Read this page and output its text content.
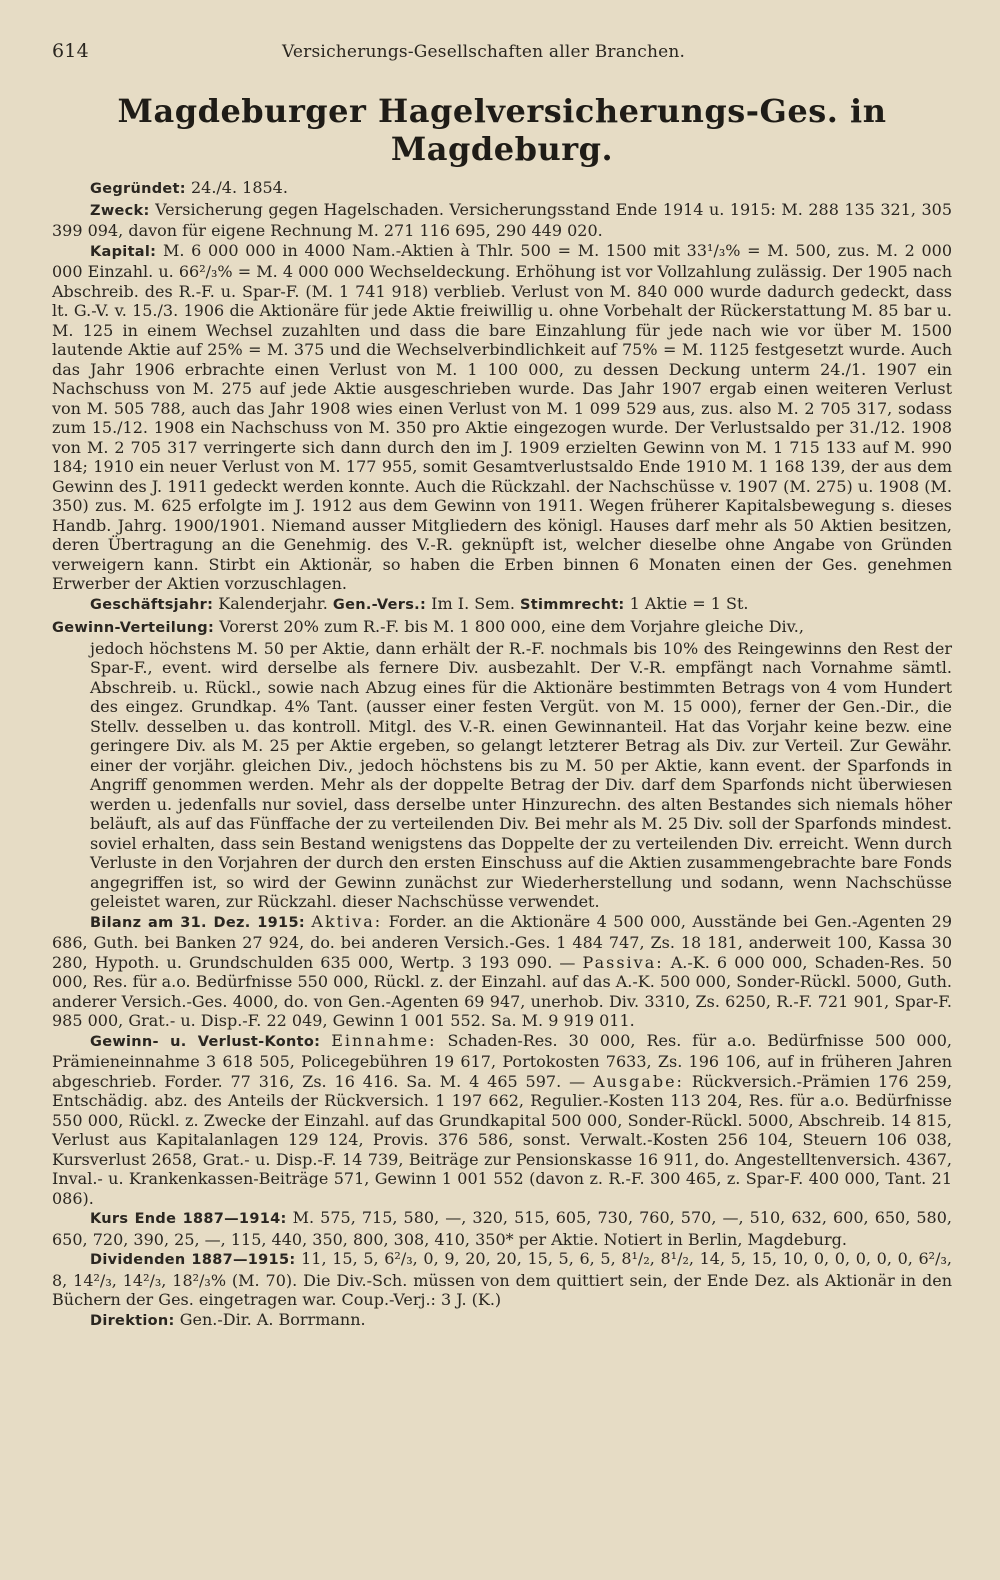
614	Versicherungs-Gesellschaften aller Branchen.
Magdeburger Hagelversicherungs-Ges. in Magdeburg.

Gegründet: 24./4. 1854.

Zweck: Versicherung gegen Hagelschaden. Versicherungsstand Ende 1914 u. 1915: M. 288 135 321, 305 399 094, davon für eigene Rechnung M. 271 116 695, 290 449 020.

Kapital: M. 6 000 000 in 4000 Nam.-Aktien à Thlr. 500 = M. 1500 mit 33¹/₃% = M. 500, zus. M. 2 000 000 Einzahl. u. 66²/₃% = M. 4 000 000 Wechseldeckung. Erhöhung ist vor Vollzahlung zulässig. Der 1905 nach Abschreib. des R.-F. u. Spar-F. (M. 1 741 918) verblieb. Verlust von M. 840 000 wurde dadurch gedeckt, dass lt. G.-V. v. 15./3. 1906 die Aktionäre für jede Aktie freiwillig u. ohne Vorbehalt der Rückerstattung M. 85 bar u. M. 125 in einem Wechsel zuzahlten und dass die bare Einzahlung für jede nach wie vor über M. 1500 lautende Aktie auf 25% = M. 375 und die Wechselverbindlichkeit auf 75% = M. 1125 festgesetzt wurde. Auch das Jahr 1906 erbrachte einen Verlust von M. 1 100 000, zu dessen Deckung unterm 24./1. 1907 ein Nachschuss von M. 275 auf jede Aktie ausgeschrieben wurde. Das Jahr 1907 ergab einen weiteren Verlust von M. 505 788, auch das Jahr 1908 wies einen Verlust von M. 1 099 529 aus, zus. also M. 2 705 317, sodass zum 15./12. 1908 ein Nachschuss von M. 350 pro Aktie eingezogen wurde. Der Verlustsaldo per 31./12. 1908 von M. 2 705 317 verringerte sich dann durch den im J. 1909 erzielten Gewinn von M. 1 715 133 auf M. 990 184; 1910 ein neuer Verlust von M. 177 955, somit Gesamtverlustsaldo Ende 1910 M. 1 168 139, der aus dem Gewinn des J. 1911 gedeckt werden konnte. Auch die Rückzahl. der Nachschüsse v. 1907 (M. 275) u. 1908 (M. 350) zus. M. 625 erfolgte im J. 1912 aus dem Gewinn von 1911. Wegen früherer Kapitalsbewegung s. dieses Handb. Jahrg. 1900/1901. Niemand ausser Mitgliedern des königl. Hauses darf mehr als 50 Aktien besitzen, deren Übertragung an die Genehmig. des V.-R. geknüpft ist, welcher dieselbe ohne Angabe von Gründen verweigern kann. Stirbt ein Aktionär, so haben die Erben binnen 6 Monaten einen der Ges. genehmen Erwerber der Aktien vorzuschlagen.

Geschäftsjahr: Kalenderjahr. Gen.-Vers.: Im I. Sem. Stimmrecht: 1 Aktie = 1 St.

Gewinn-Verteilung: Vorerst 20% zum R.-F. bis M. 1 800 000, eine dem Vorjahre gleiche Div.,

jedoch höchstens M. 50 per Aktie, dann erhält der R.-F. nochmals bis 10% des Reingewinns den Rest der Spar-F., event. wird derselbe als fernere Div. ausbezahlt. Der V.-R. empfängt nach Vornahme sämtl. Abschreib. u. Rückl., sowie nach Abzug eines für die Aktionäre bestimmten Betrags von 4 vom Hundert des eingez. Grundkap. 4% Tant. (ausser einer festen Vergüt. von M. 15 000), ferner der Gen.-Dir., die Stellv. desselben u. das kontroll. Mitgl. des V.-R. einen Gewinnanteil. Hat das Vorjahr keine bezw. eine geringere Div. als M. 25 per Aktie ergeben, so gelangt letzterer Betrag als Div. zur Verteil. Zur Gewähr. einer der vorjähr. gleichen Div., jedoch höchstens bis zu M. 50 per Aktie, kann event. der Sparfonds in Angriff genommen werden. Mehr als der doppelte Betrag der Div. darf dem Sparfonds nicht überwiesen werden u. jedenfalls nur soviel, dass derselbe unter Hinzurechn. des alten Bestandes sich niemals höher beläuft, als auf das Fünffache der zu verteilenden Div. Bei mehr als M. 25 Div. soll der Sparfonds mindest. soviel erhalten, dass sein Bestand wenigstens das Doppelte der zu verteilenden Div. erreicht. Wenn durch Verluste in den Vorjahren der durch den ersten Einschuss auf die Aktien zusammengebrachte bare Fonds angegriffen ist, so wird der Gewinn zunächst zur Wiederherstellung und sodann, wenn Nachschüsse geleistet waren, zur Rückzahl. dieser Nachschüsse verwendet.

Bilanz am 31. Dez. 1915: Aktiva: Forder. an die Aktionäre 4 500 000, Ausstände bei Gen.-Agenten 29 686, Guth. bei Banken 27 924, do. bei anderen Versich.-Ges. 1 484 747, Zs. 18 181, anderweit 100, Kassa 30 280, Hypoth. u. Grundschulden 635 000, Wertp. 3 193 090. — Passiva: A.-K. 6 000 000, Schaden-Res. 50 000, Res. für a.o. Bedürfnisse 550 000, Rückl. z. der Einzahl. auf das A.-K. 500 000, Sonder-Rückl. 5000, Guth. anderer Versich.-Ges. 4000, do. von Gen.-Agenten 69 947, unerhob. Div. 3310, Zs. 6250, R.-F. 721 901, Spar-F. 985 000, Grat.- u. Disp.-F. 22 049, Gewinn 1 001 552. Sa. M. 9 919 011.

Gewinn- u. Verlust-Konto: Einnahme: Schaden-Res. 30 000, Res. für a.o. Bedürfnisse 500 000, Prämieneinnahme 3 618 505, Policegebühren 19 617, Portokosten 7633, Zs. 196 106, auf in früheren Jahren abgeschrieb. Forder. 77 316, Zs. 16 416. Sa. M. 4 465 597. — Ausgabe: Rückversich.-Prämien 176 259, Entschädig. abz. des Anteils der Rückversich. 1 197 662, Regulier.-Kosten 113 204, Res. für a.o. Bedürfnisse 550 000, Rückl. z. Zwecke der Einzahl. auf das Grundkapital 500 000, Sonder-Rückl. 5000, Abschreib. 14 815, Verlust aus Kapitalanlagen 129 124, Provis. 376 586, sonst. Verwalt.-Kosten 256 104, Steuern 106 038, Kursverlust 2658, Grat.- u. Disp.-F. 14 739, Beiträge zur Pensionskasse 16 911, do. Angestelltenversich. 4367, Inval.- u. Krankenkassen-Beiträge 571, Gewinn 1 001 552 (davon z. R.-F. 300 465, z. Spar-F. 400 000, Tant. 21 086).

Kurs Ende 1887—1914: M. 575, 715, 580, —, 320, 515, 605, 730, 760, 570, —, 510, 632, 600, 650, 580, 650, 720, 390, 25, —, 115, 440, 350, 800, 308, 410, 350* per Aktie. Notiert in Berlin, Magdeburg.

Dividenden 1887—1915: 11, 15, 5, 6²/₃, 0, 9, 20, 20, 15, 5, 6, 5, 8¹/₂, 8¹/₂, 14, 5, 15, 10, 0, 0, 0, 0, 0, 6²/₃, 8, 14²/₃, 14²/₃, 18²/₃% (M. 70). Die Div.-Sch. müssen von dem quittiert sein, der Ende Dez. als Aktionär in den Büchern der Ges. eingetragen war. Coup.-Verj.: 3 J. (K.)

Direktion: Gen.-Dir. A. Borrmann.
